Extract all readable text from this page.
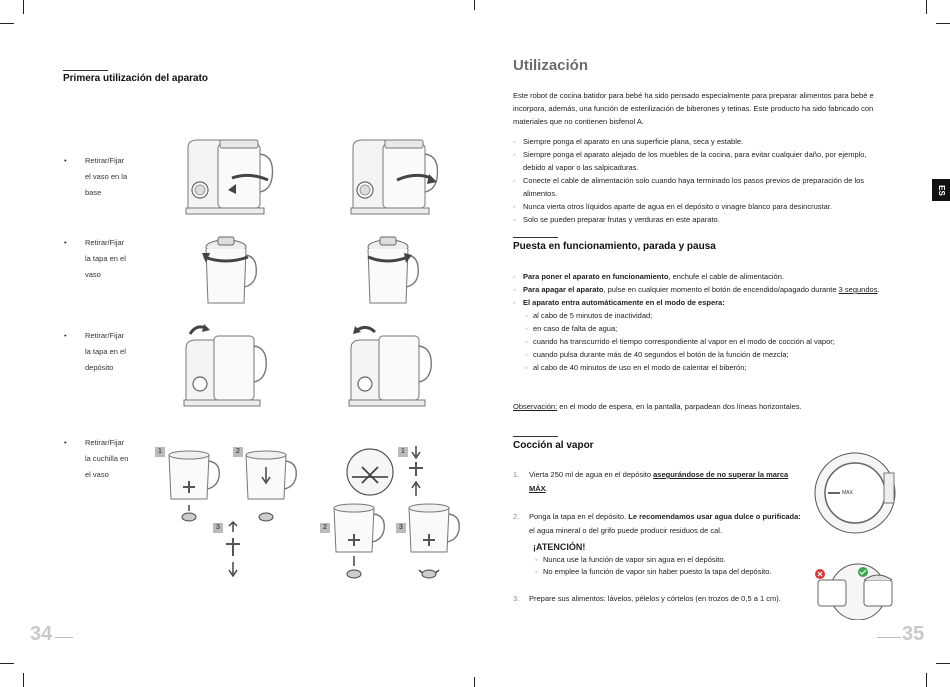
Primera utilización del aparato
• Retirar/Fijar
el vaso en la
base
• Retirar/Fijar
la tapa en el
vaso
• Retirar/Fijar
la tapa en el
depósito
• Retirar/Fijar
la cuchilla en
el vaso
1	2
3
1
2	3
34
Utilización
Este robot de cocina batidor para bebé ha sido pensado especialmente para preparar alimentos para bebé e incorpora, además, una función de esterilización de biberones y tetinas. Este producto ha sido fabricado con materiales que no contienen bisfenol A.
◦ Siempre ponga el aparato en una superficie plana, seca y estable.
◦ Siempre ponga el aparato alejado de los muebles de la cocina, para evitar cualquier daño, por ejemplo, debido al vapor o las salpicaduras.
◦ Conecte el cable de alimentación solo cuando haya terminado los pasos previos de preparación de los alimentos.
◦ Nunca vierta otros líquidos aparte de agua en el depósito o vinagre blanco para desincrustar.
◦ Solo se pueden preparar frutas y verduras en este aparato.
ES
Puesta en funcionamiento, parada y pausa
◦ Para poner el aparato en funcionamiento, enchufe el cable de alimentación.
◦ Para apagar el aparato, pulse en cualquier momento el botón de encendido/apagado durante 3 segundos.
◦ El aparato entra automáticamente en el modo de espera:
◦ al cabo de 5 minutos de inactividad;
◦ en caso de falta de agua;
◦ cuando ha transcurrido el tiempo correspondiente al vapor en el modo de cocción al vapor;
◦ cuando pulsa durante más de 40 segundos el botón de la función de mezcla;
◦ al cabo de 40 minutos de uso en el modo de calentar el biberón;
Observación: en el modo de espera, en la pantalla, parpadean dos líneas horizontales.
Cocción al vapor
1. Vierta 250 ml de agua en el depósito asegurándose de no superar la marca MÁX.
2. Ponga la tapa en el depósito. Le recomendamos usar agua dulce o purificada: el agua mineral o del grifo puede producir residuos de cal.
¡ATENCIÓN!
◦ Nunca use la función de vapor sin agua en el depósito.
◦ No emplee la función de vapor sin haber puesto la tapa del depósito.
3. Prepare sus alimentos: lávelos, pélelos y córtelos (en trozos de 0,5 a 1 cm).
MAX
35
